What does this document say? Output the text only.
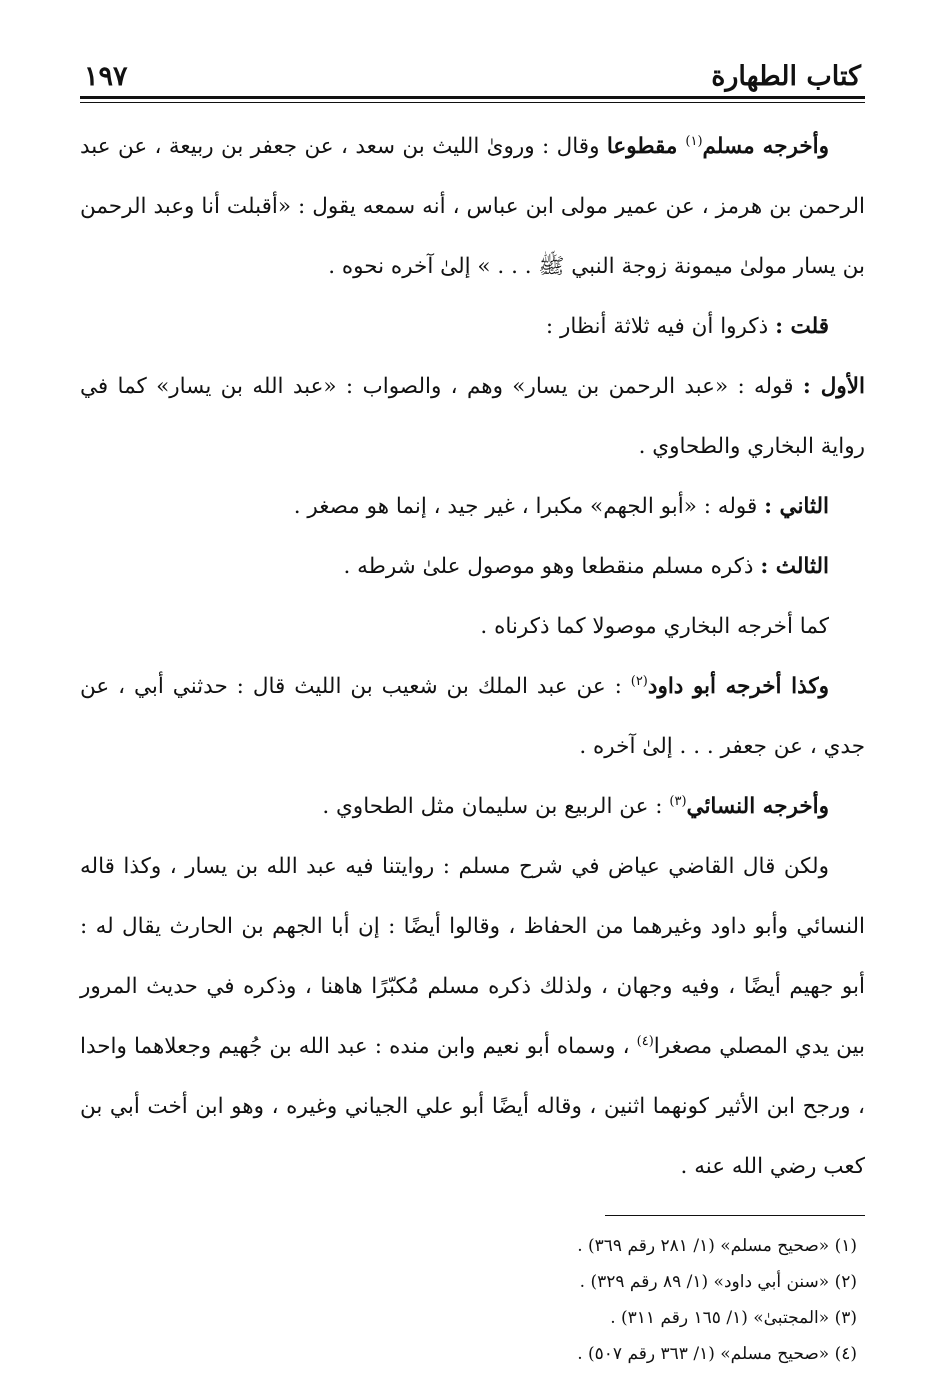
كتاب الطهارة
١٩٧

وأخرجه مسلم$^{(١)}$ مقطوعا وقال : وروىٰ الليث بن سعد ، عن جعفر بن ربيعة ، عن عبد الرحمن بن هرمز ، عن عمير مولى ابن عباس ، أنه سمعه يقول : «أقبلت أنا وعبد الرحمن بن يسار مولىٰ ميمونة زوجة النبي ﷺ . . . » إلىٰ آخره نحوه .

قلت : ذكروا أن فيه ثلاثة أنظار :

الأول : قوله : «عبد الرحمن بن يسار» وهم ، والصواب : «عبد الله بن يسار» كما في رواية البخاري والطحاوي .

الثاني : قوله : «أبو الجهم» مكبرا ، غير جيد ، إنما هو مصغر .

الثالث : ذكره مسلم منقطعا وهو موصول علىٰ شرطه .

كما أخرجه البخاري موصولا كما ذكرناه .

وكذا أخرجه أبو داود$^{(٢)}$ : عن عبد الملك بن شعيب بن الليث قال : حدثني أبي ، عن جدي ، عن جعفر . . . إلىٰ آخره .

وأخرجه النسائي$^{(٣)}$ : عن الربيع بن سليمان مثل الطحاوي .

ولكن قال القاضي عياض في شرح مسلم : روايتنا فيه عبد الله بن يسار ، وكذا قاله النسائي وأبو داود وغيرهما من الحفاظ ، وقالوا أيضًا : إن أبا الجهم بن الحارث يقال له : أبو جهيم أيضًا ، وفيه وجهان ، ولذلك ذكره مسلم مُكبّرًا هاهنا ، وذكره في حديث المرور بين يدي المصلي مصغرا$^{(٤)}$ ، وسماه أبو نعيم وابن منده : عبد الله بن جُهيم وجعلاهما واحدا ، ورجح ابن الأثير كونهما اثنين ، وقاله أيضًا أبو علي الجياني وغيره ، وهو ابن أخت أبي بن كعب رضي الله عنه .

(١) «صحيح مسلم» (١/ ٢٨١ رقم ٣٦٩) .
(٢) «سنن أبي داود» (١/ ٨٩ رقم ٣٢٩) .
(٣) «المجتبىٰ» (١/ ١٦٥ رقم ٣١١) .
(٤) «صحيح مسلم» (١/ ٣٦٣ رقم ٥٠٧) .
